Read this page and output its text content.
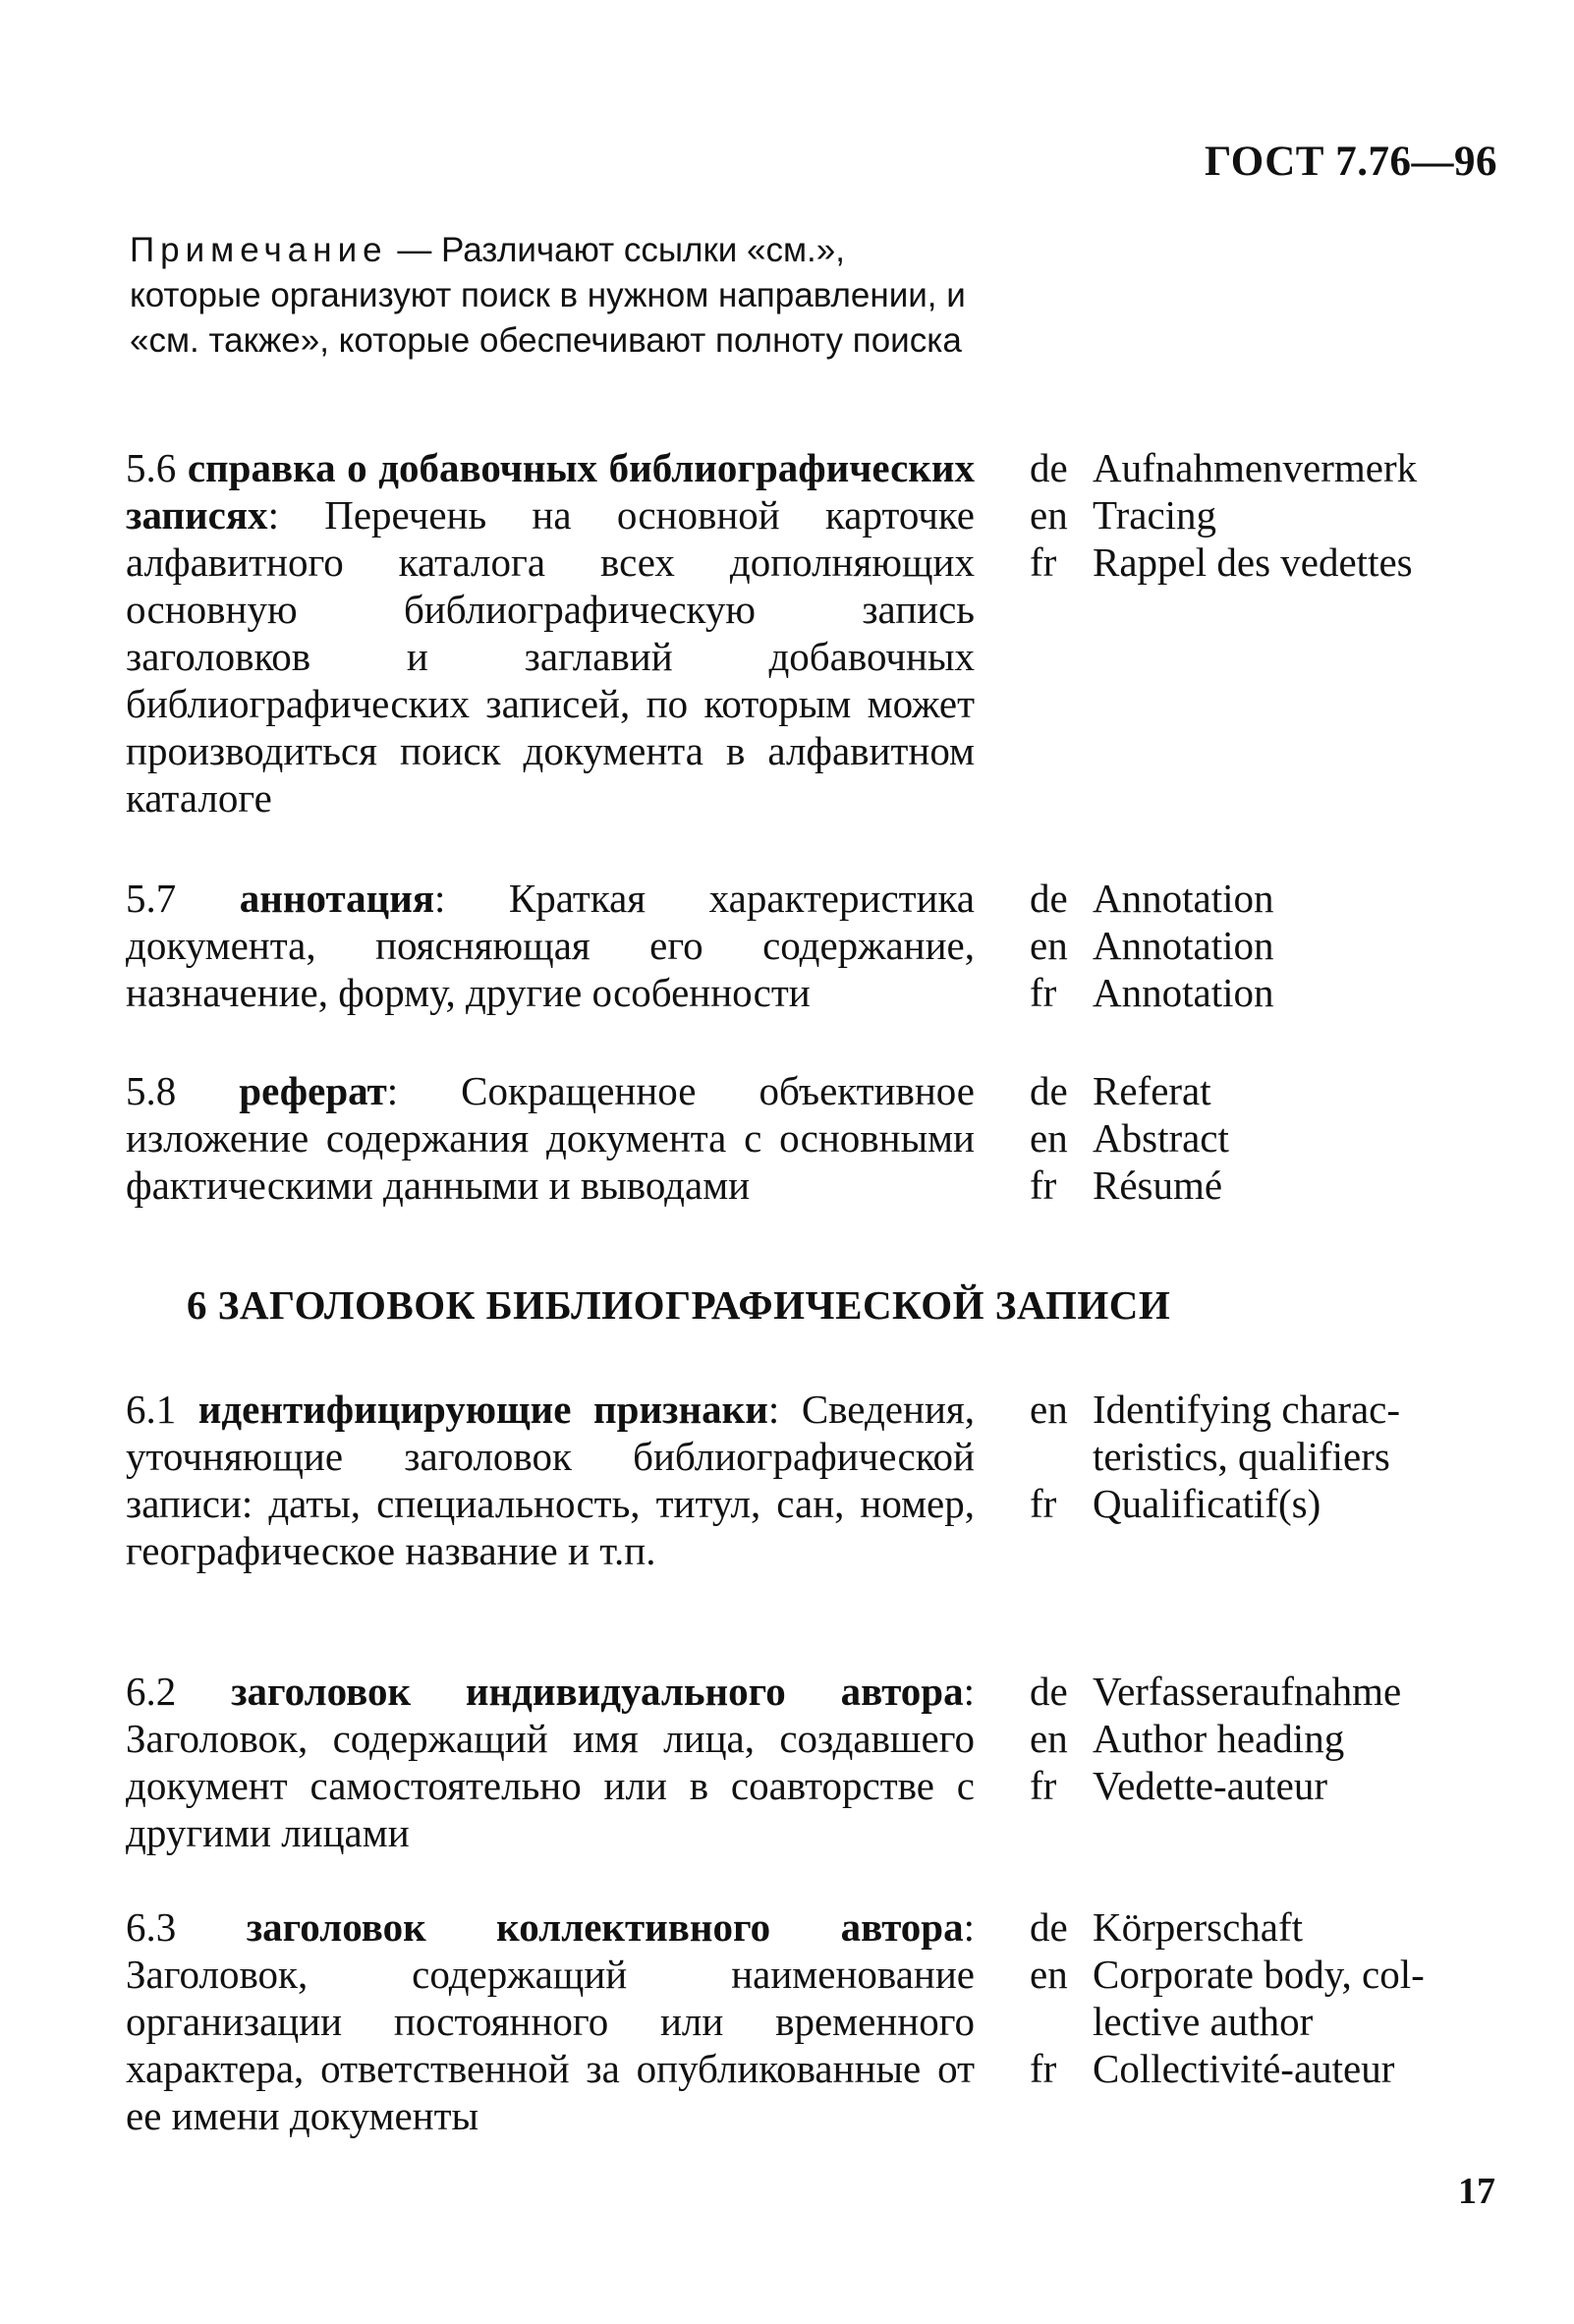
ГОСТ 7.76—96
Примечание — Различают ссылки «см.», которые организуют поиск в нужном направлении, и «см. также», которые обеспечивают полноту поиска
5.6 справка о добавочных библиографических записях: Перечень на основной карточке алфавитного каталога всех дополняющих основную библиографическую запись заголовков и заглавий добавочных библиографических записей, по которым может производиться поиск документа в алфавитном каталоге
de Aufnahmenvermerk
en Tracing
fr Rappel des vedettes
5.7 аннотация: Краткая характеристика документа, поясняющая его содержание, назначение, форму, другие особенности
de Annotation
en Annotation
fr Annotation
5.8 реферат: Сокращенное объективное изложение содержания документа с основными фактическими данными и выводами
de Referat
en Abstract
fr Résumé
6 ЗАГОЛОВОК БИБЛИОГРАФИЧЕСКОЙ ЗАПИСИ
6.1 идентифицирующие признаки: Сведения, уточняющие заголовок библиографической записи: даты, специальность, титул, сан, номер, географическое название и т.п.
en Identifying charac-
teristics, qualifiers
fr Qualificatif(s)
6.2 заголовок индивидуального автора: Заголовок, содержащий имя лица, создавшего документ самостоятельно или в соавторстве с другими лицами
de Verfasseraufnahme
en Author heading
fr Vedette-auteur
6.3 заголовок коллективного автора: Заголовок, содержащий наименование организации постоянного или временного характера, ответственной за опубликованные от ее имени документы
de Körperschaft
en Corporate body, col-
lective author
fr Collectivité-auteur
17
